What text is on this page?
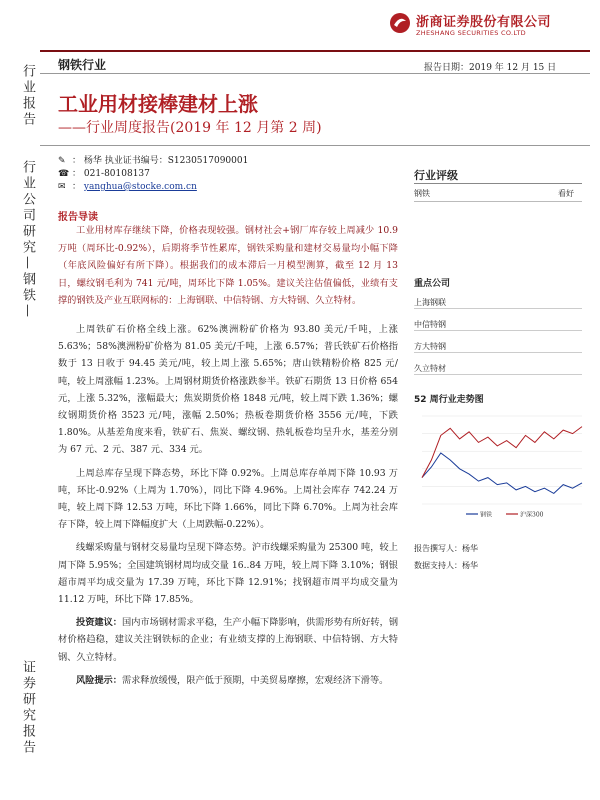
浙商证券股份有限公司
ZHESHANG SECURITIES CO.LTD
钢铁行业	报告日期：2019 年 12 月 15 日
行业报告
行业公司研究—钢铁—
证券研究报告
工业用材接棒建材上涨
——行业周度报告(2019 年 12 月第 2 周)
✎ ： 杨华 执业证书编号：S1230517090001
☎ ： 021-80108137
✉ ： yanghua@stocke.com.cn
行业评级
钢铁	看好
重点公司
上海钢联
中信特钢
方大特钢
久立特材
52 周行业走势图
钢铁	沪深300
报告撰写人：杨华
数据支持人：杨华
报告导读
工业用材库存继续下降，价格表现较强。钢材社会+钢厂库存较上周减少 10.9 万吨（周环比-0.92%），后期将季节性累库，钢铁采购量和建材交易量均小幅下降（年底风险偏好有所下降）。根据我们的成本滞后一月模型测算，截至 12 月 13 日，螺纹钢毛利为 741 元/吨，周环比下降 1.05%。建议关注估值偏低，业绩有支撑的钢铁及产业互联网标的：上海钢联、中信特钢、方大特钢、久立特材。

上周铁矿石价格全线上涨。62%澳洲粉矿价格为 93.80 美元/千吨，上涨 5.63%；58%澳洲粉矿价格为 81.05 美元/千吨，上涨 6.57%；普氏铁矿石价格指数于 13 日收于 94.45 美元/吨，较上周上涨 5.65%；唐山铁精粉价格 825 元/吨，较上周涨幅 1.23%。上周钢材期货价格涨跌参半。铁矿石期货 13 日价格 654 元，上涨 5.32%，涨幅最大；焦炭期货价格 1848 元/吨，较上周下跌 1.36%；螺纹钢期货价格 3523 元/吨，涨幅 2.50%；热板卷期货价格 3556 元/吨，下跌 1.80%。从基差角度来看，铁矿石、焦炭、螺纹钢、热轧板卷均呈升水，基差分别为 67 元、2 元、387 元、334 元。

上周总库存呈现下降态势，环比下降 0.92%。上周总库存单周下降 10.93 万吨，环比-0.92%（上周为 1.70%），同比下降 4.96%。上周社会库存 742.24 万吨，较上周下降 12.53 万吨，环比下降 1.66%，同比下降 6.70%。上周为社会库存下降，较上周下降幅度扩大（上周跌幅-0.22%）。

线螺采购量与钢材交易量均呈现下降态势。沪市线螺采购量为 25300 吨，较上周下降 5.95%；全国建筑钢材周均成交量 16..84 万吨，较上周下降 3.10%；钢银超市周平均成交量为 17.39 万吨，环比下降 12.91%；找钢超市周平均成交量为 11.12 万吨，环比下降 17.85%。

投资建议：国内市场钢材需求平稳，生产小幅下降影响，供需形势有所好转，钢材价格趋稳，建议关注钢铁标的企业；有业绩支撑的上海钢联、中信特钢、方大特钢、久立特材。

风险提示：需求释放缓慢，限产低于预期，中美贸易摩擦，宏观经济下滑等。
